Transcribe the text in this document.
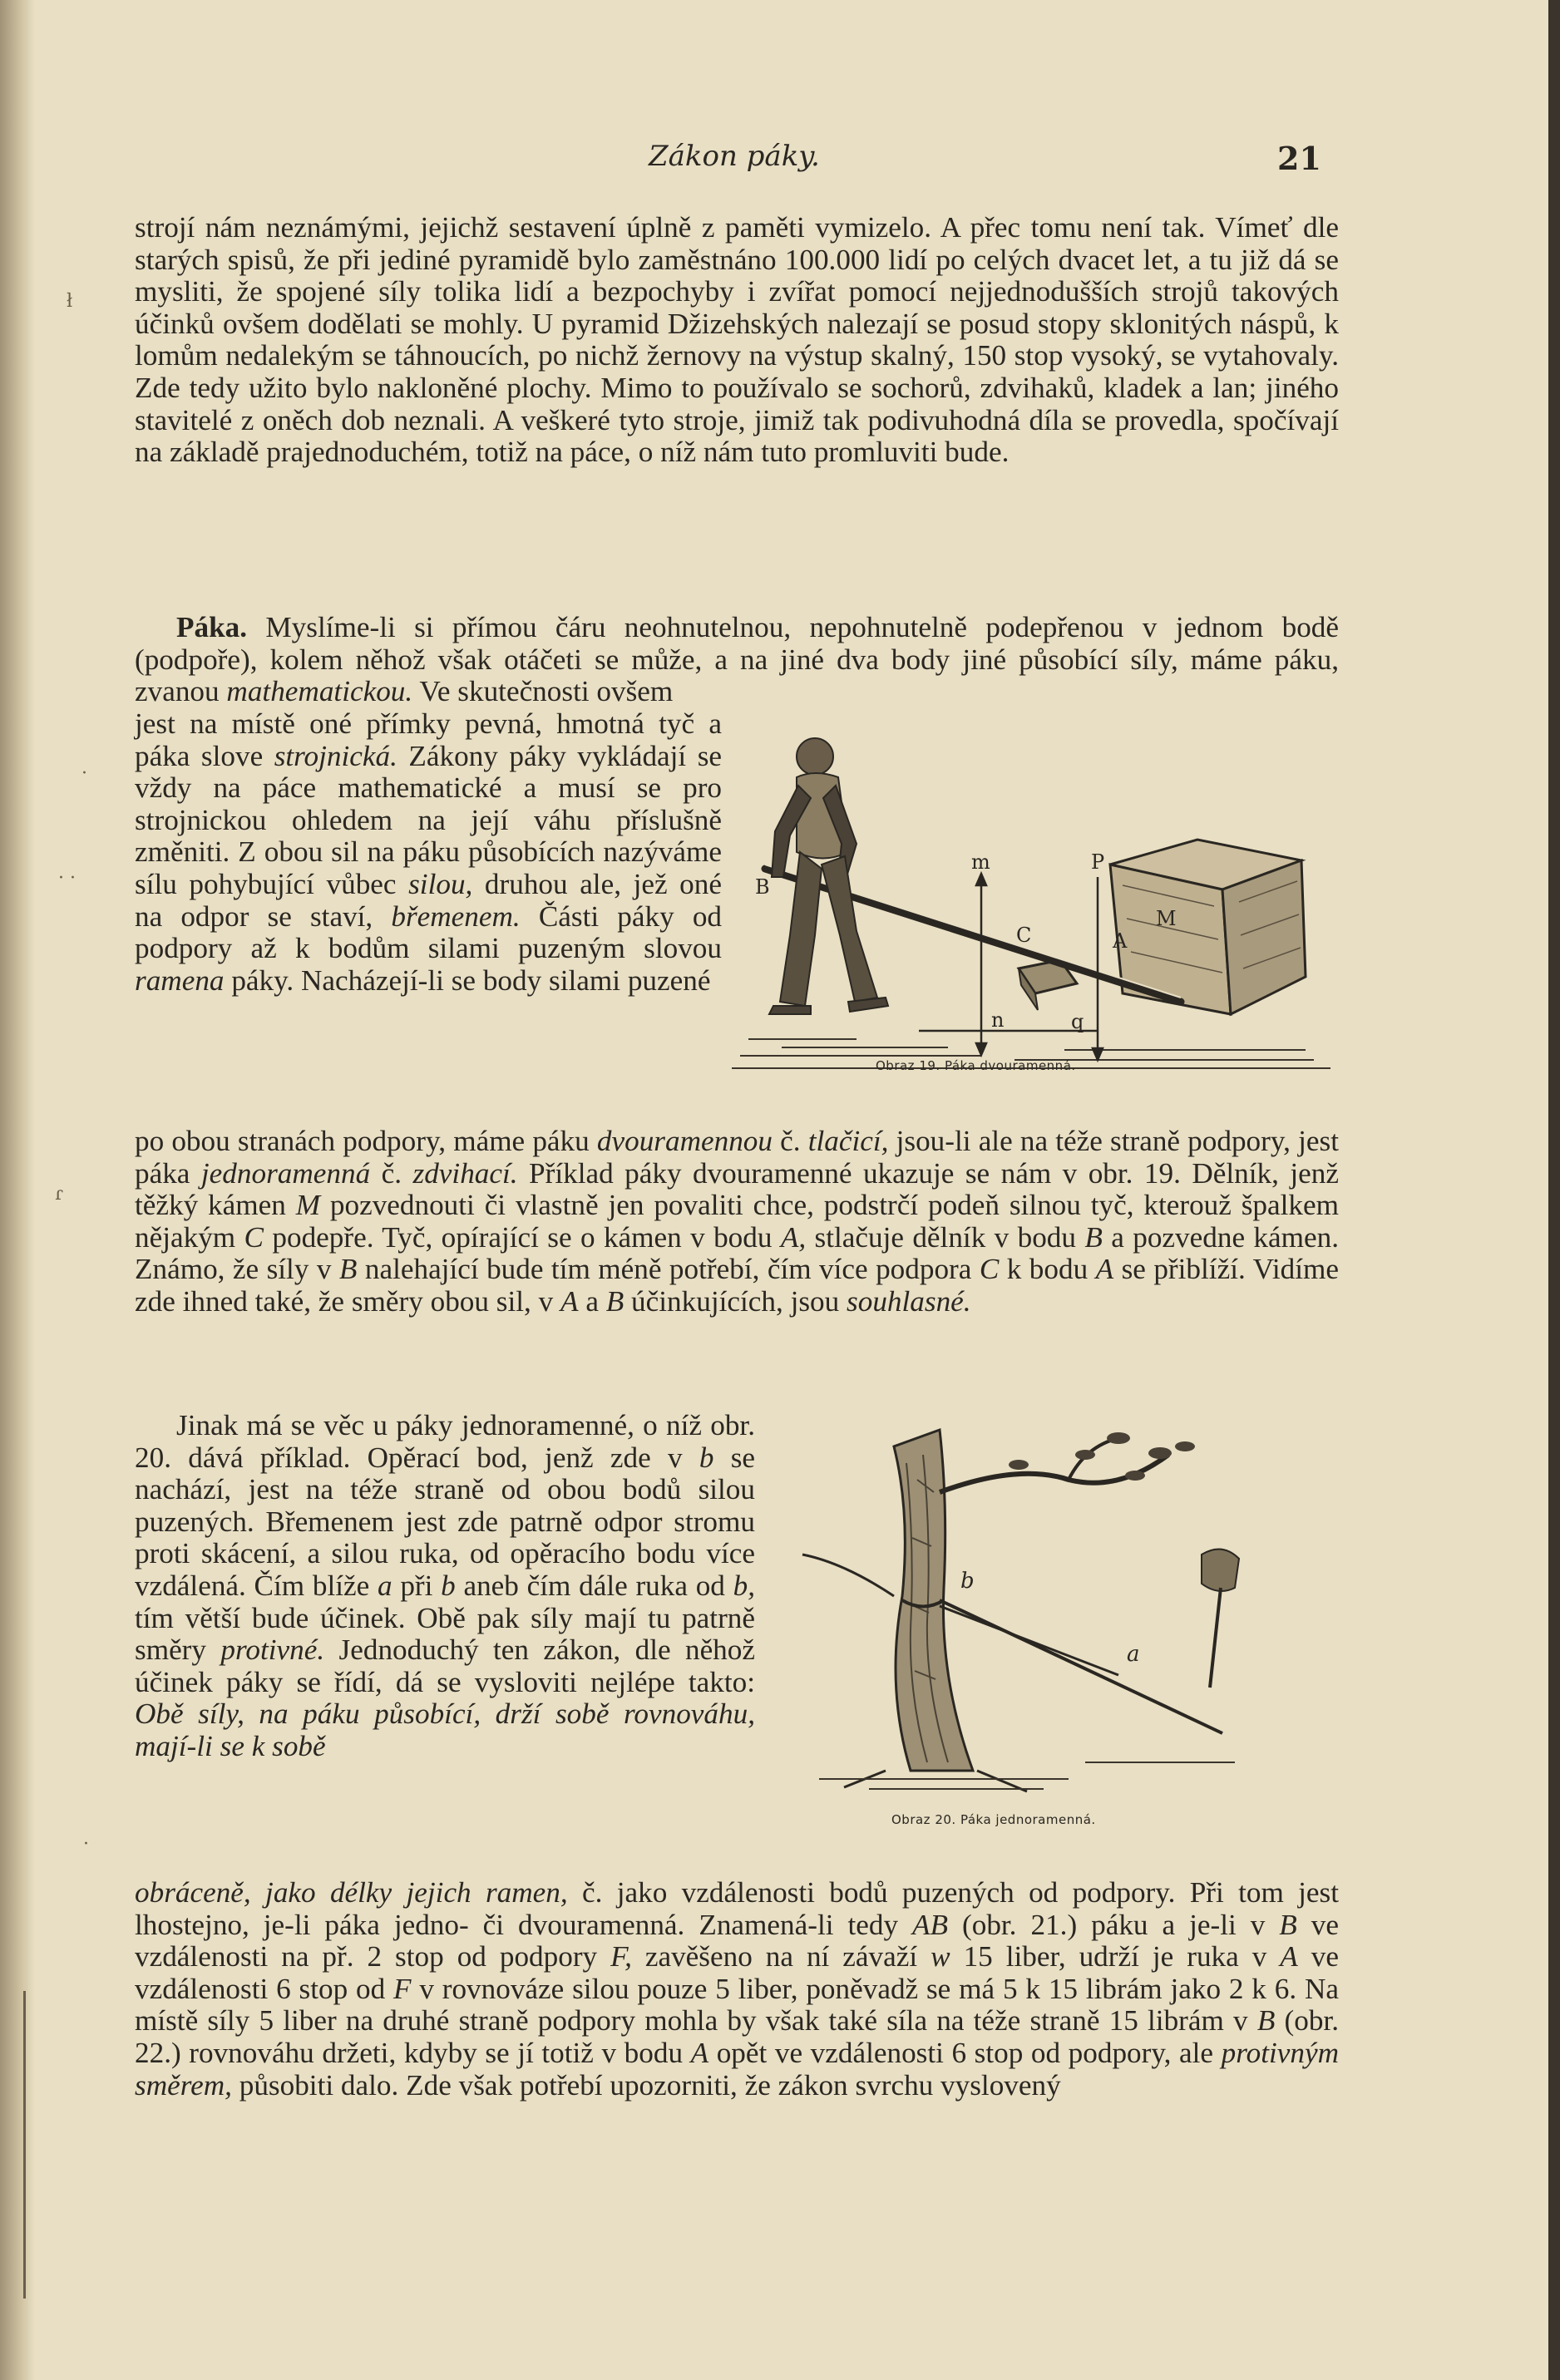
Zákon páky.	21

strojí nám neznámými, jejichž sestavení úplně z paměti vymizelo. A přec tomu není tak. Vímeť dle starých spisů, že při jediné pyramidě bylo zaměstnáno 100.000 lidí po celých dvacet let, a tu již dá se mysliti, že spojené síly tolika lidí a bezpochyby i zvířat pomocí nejjednodušších strojů takových účinků ovšem dodělati se mohly. U pyramid Džizehských nalezají se posud stopy sklonitých náspů, k lomům nedalekým se táhnoucích, po nichž žernovy na výstup skalný, 150 stop vysoký, se vytahovaly. Zde tedy užito bylo nakloněné plochy. Mimo to používalo se sochorů, zdvihaků, kladek a lan; jiného stavitelé z oněch dob neznali. A veškeré tyto stroje, jimiž tak podivuhodná díla se provedla, spočívají na základě prajednoduchém, totiž na páce, o níž nám tuto promluviti bude.

Páka. Myslíme-li si přímou čáru neohnutelnou, nepohnutelně podepřenou v jednom bodě (podpoře), kolem něhož však otáčeti se může, a na jiné dva body jiné působící síly, máme páku, zvanou mathematickou. Ve skutečnosti ovšem

jest na místě oné přímky pevná, hmotná tyč a páka slove strojnická. Zákony páky vykládají se vždy na páce mathematické a musí se pro strojnickou ohledem na její váhu příslušně změniti. Z obou sil na páku působících nazýváme sílu pohybující vůbec silou, druhou ale, jež oné na odpor se staví, břemenem. Části páky od podpory až k bodům silami puzeným slovou ramena páky. Nacházejí-li se body silami puzené

po obou stranách podpory, máme páku dvouramennou č. tlačicí, jsou-li ale na téže straně podpory, jest páka jednoramenná č. zdvihací. Příklad páky dvouramenné ukazuje se nám v obr. 19. Dělník, jenž těžký kámen M pozvednouti či vlastně jen povaliti chce, podstrčí podeň silnou tyč, kterouž špalkem nějakým C podepře. Tyč, opírající se o kámen v bodu A, stlačuje dělník v bodu B a pozvedne kámen. Známo, že síly v B nalehající bude tím méně potřebí, čím více podpora C k bodu A se přiblíží. Vidíme zde ihned také, že směry obou sil, v A a B účinkujících, jsou souhlasné.

Jinak má se věc u páky jednoramenné, o níž obr. 20. dává příklad. Opěrací bod, jenž zde v b se nachází, jest na téže straně od obou bodů silou puzených. Břemenem jest zde patrně odpor stromu proti skácení, a silou ruka, od opěracího bodu více vzdálená. Čím blíže a při b aneb čím dále ruka od b, tím větší bude účinek. Obě pak síly mají tu patrně směry protivné. Jednoduchý ten zákon, dle něhož účinek páky se řídí, dá se vysloviti nejlépe takto: Obě síly, na páku působící, drží sobě rovnováhu, mají-li se k sobě

obráceně, jako délky jejich ramen, č. jako vzdálenosti bodů puzených od podpory. Při tom jest lhostejno, je-li páka jedno- či dvouramenná. Znamená-li tedy AB (obr. 21.) páku a je-li v B ve vzdálenosti na př. 2 stop od podpory F, zavěšeno na ní závaží w 15 liber, udrží je ruka v A ve vzdálenosti 6 stop od F v rovnováze silou pouze 5 liber, poněvadž se má 5 k 15 librám jako 2 k 6. Na místě síly 5 liber na druhé straně podpory mohla by však také síla na téže straně 15 librám v B (obr. 22.) rovnováhu držeti, kdyby se jí totiž v bodu A opět ve vzdálenosti 6 stop od podpory, ale protivným směrem, působiti dalo. Zde však potřebí upozorniti, že zákon svrchu vyslovený

m	P
B
C	A
M
n	q
Obraz 19. Páka dvouramenná.
a
b
Obraz 20. Páka jednoramenná.
ł
·
· ·
ɾ
·
